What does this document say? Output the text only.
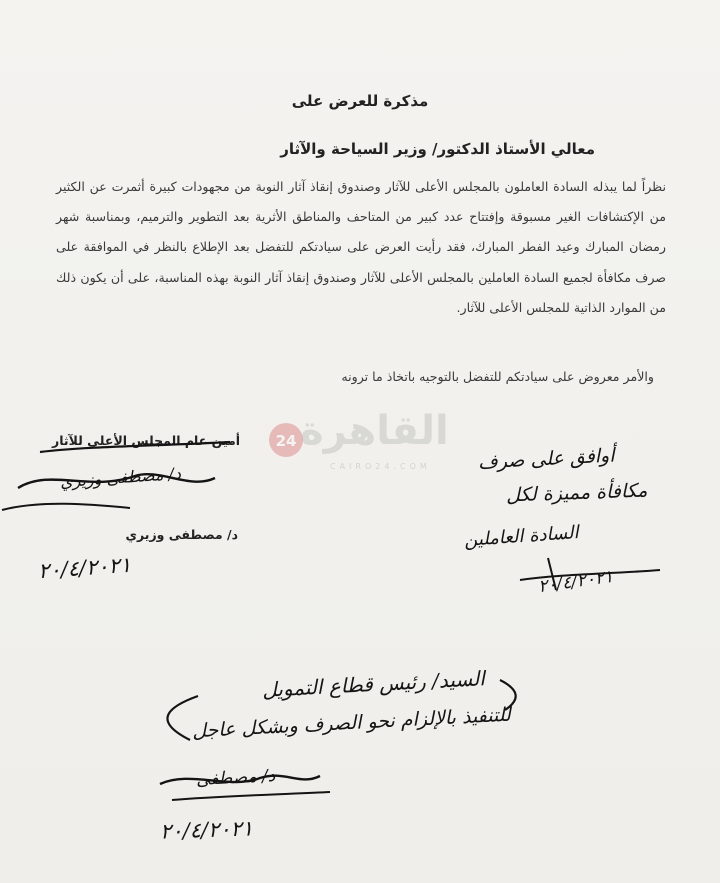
مذكرة للعرض على
معالي الأستاذ الدكتور/ وزير السياحة والآثار
نظراً لما يبذله السادة العاملون بالمجلس الأعلى للآثار وصندوق إنقاذ آثار النوبة من مجهودات كبيرة أثمرت عن الكثير من الإكتشافات الغير مسبوقة وإفتتاح عدد كبير من المتاحف والمناطق الأثرية بعد التطوير والترميم، وبمناسبة شهر رمضان المبارك وعيد الفطر المبارك، فقد رأيت العرض على سيادتكم للتفضل بعد الإطلاع بالنظر في الموافقة على صرف مكافأة لجميع السادة العاملين بالمجلس الأعلى للآثار وصندوق إنقاذ آثار النوبة بهذه المناسبة، على أن يكون ذلك من الموارد الذاتية للمجلس الأعلى للآثار.
والأمر معروض على سيادتكم للتفضل بالتوجيه باتخاذ ما ترونه
24 القاهرة
CAIRO24.COM
أمين عام المجلس الأعلى للآثار
د/ مصطفى وزيري
د/ مصطفى وزيري
٢٠/٤/٢٠٢١
أوافق على صرف
مكافأة مميزة لكل
السادة العاملين
٢٠/٤/٢٠٢١
السيد/ رئيس قطاع التمويل
للتنفيذ بالإلزام نحو الصرف وبشكل عاجل
د/ مصطفى
٢٠/٤/٢٠٢١
